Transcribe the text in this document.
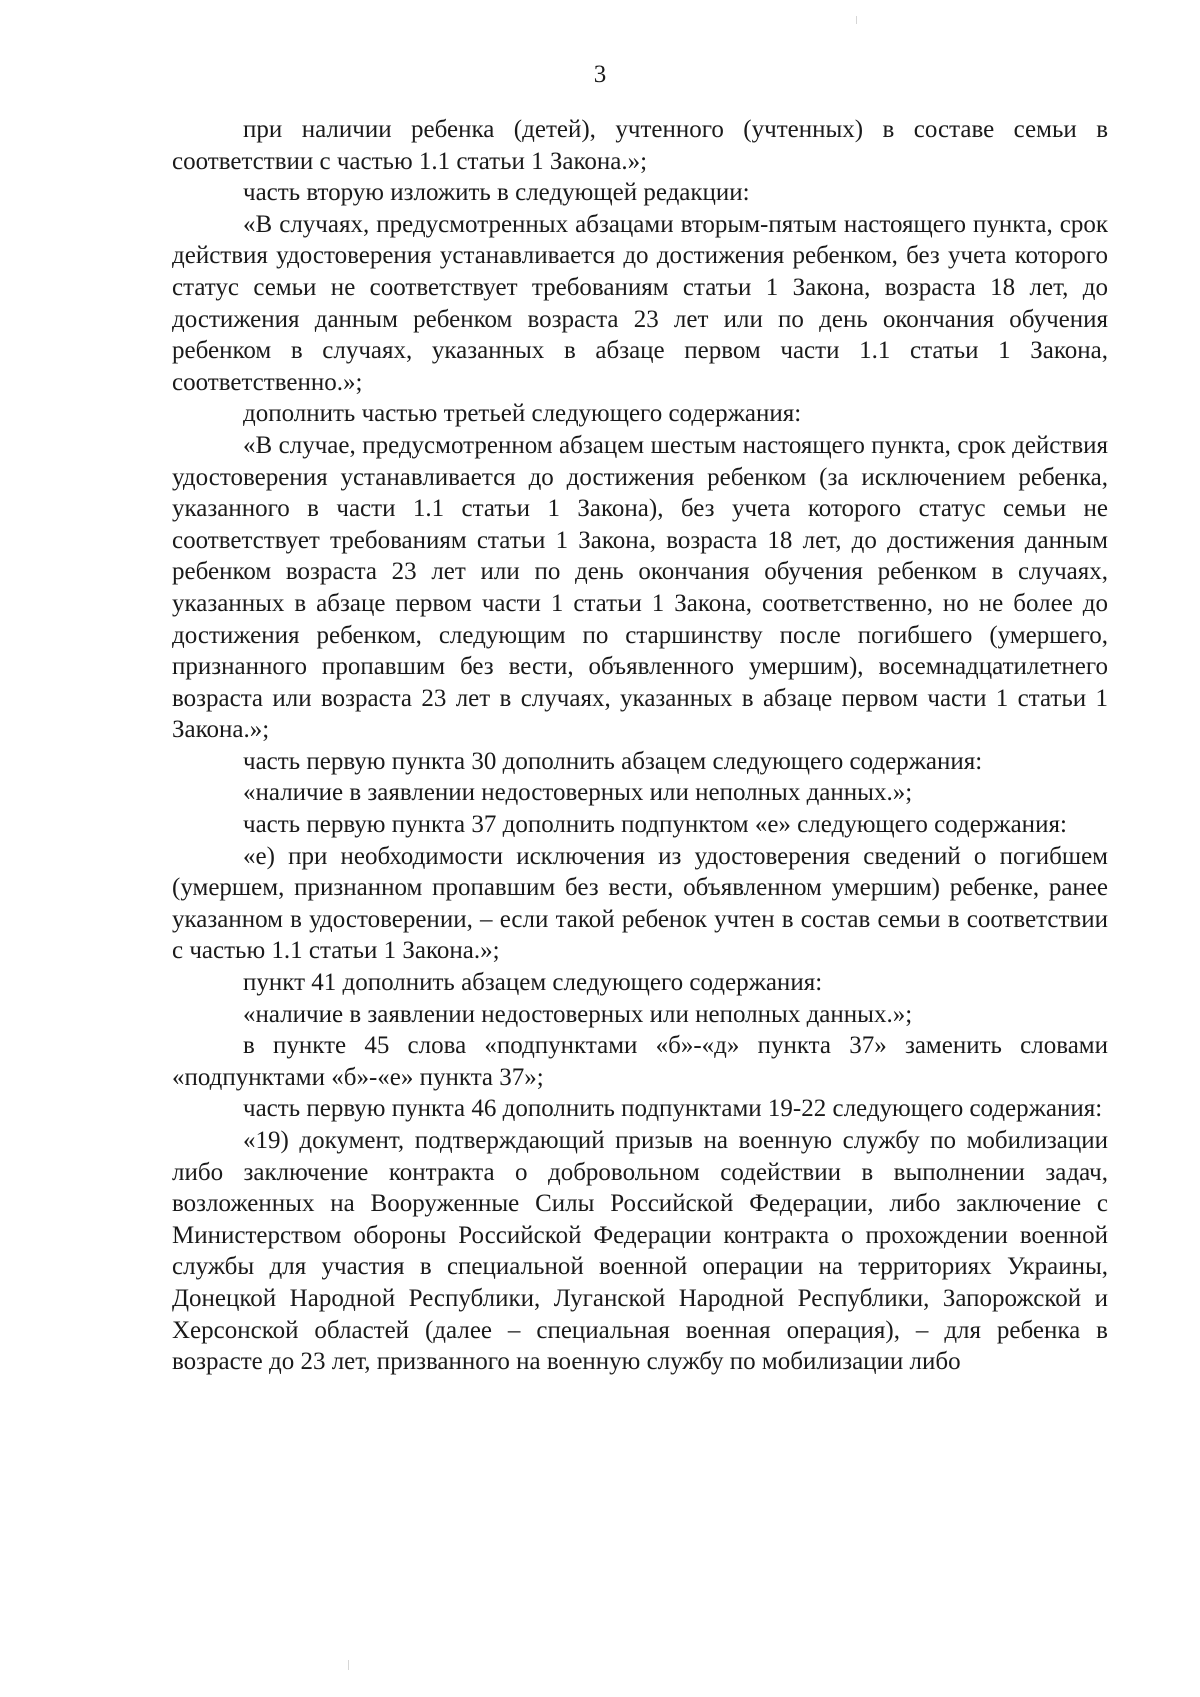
3

при наличии ребенка (детей), учтенного (учтенных) в составе семьи в соответствии с частью 1.1 статьи 1 Закона.»;

часть вторую изложить в следующей редакции:

«В случаях, предусмотренных абзацами вторым-пятым настоящего пункта, срок действия удостоверения устанавливается до достижения ребенком, без учета которого статус семьи не соответствует требованиям статьи 1 Закона, возраста 18 лет, до достижения данным ребенком возраста 23 лет или по день окончания обучения ребенком в случаях, указанных в абзаце первом части 1.1 статьи 1 Закона, соответственно.»;

дополнить частью третьей следующего содержания:

«В случае, предусмотренном абзацем шестым настоящего пункта, срок действия удостоверения устанавливается до достижения ребенком (за исключением ребенка, указанного в части 1.1 статьи 1 Закона), без учета которого статус семьи не соответствует требованиям статьи 1 Закона, возраста 18 лет, до достижения данным ребенком возраста 23 лет или по день окончания обучения ребенком в случаях, указанных в абзаце первом части 1 статьи 1 Закона, соответственно, но не более до достижения ребенком, следующим по старшинству после погибшего (умершего, признанного пропавшим без вести, объявленного умершим), восемнадцатилетнего возраста или возраста 23 лет в случаях, указанных в абзаце первом части 1 статьи 1 Закона.»;

часть первую пункта 30 дополнить абзацем следующего содержания:

«наличие в заявлении недостоверных или неполных данных.»;

часть первую пункта 37 дополнить подпунктом «е» следующего содержания:

«е) при необходимости исключения из удостоверения сведений о погибшем (умершем, признанном пропавшим без вести, объявленном умершим) ребенке, ранее указанном в удостоверении, – если такой ребенок учтен в состав семьи в соответствии с частью 1.1 статьи 1 Закона.»;

пункт 41 дополнить абзацем следующего содержания:

«наличие в заявлении недостоверных или неполных данных.»;

в пункте 45 слова «подпунктами «б»-«д» пункта 37» заменить словами «подпунктами «б»-«е» пункта 37»;

часть первую пункта 46 дополнить подпунктами 19-22 следующего содержания:

«19) документ, подтверждающий призыв на военную службу по мобилизации либо заключение контракта о добровольном содействии в выполнении задач, возложенных на Вооруженные Силы Российской Федерации, либо заключение с Министерством обороны Российской Федерации контракта о прохождении военной службы для участия в специальной военной операции на территориях Украины, Донецкой Народной Республики, Луганской Народной Республики, Запорожской и Херсонской областей (далее – специальная военная операция), – для ребенка в возрасте до 23 лет, призванного на военную службу по мобилизации либо
